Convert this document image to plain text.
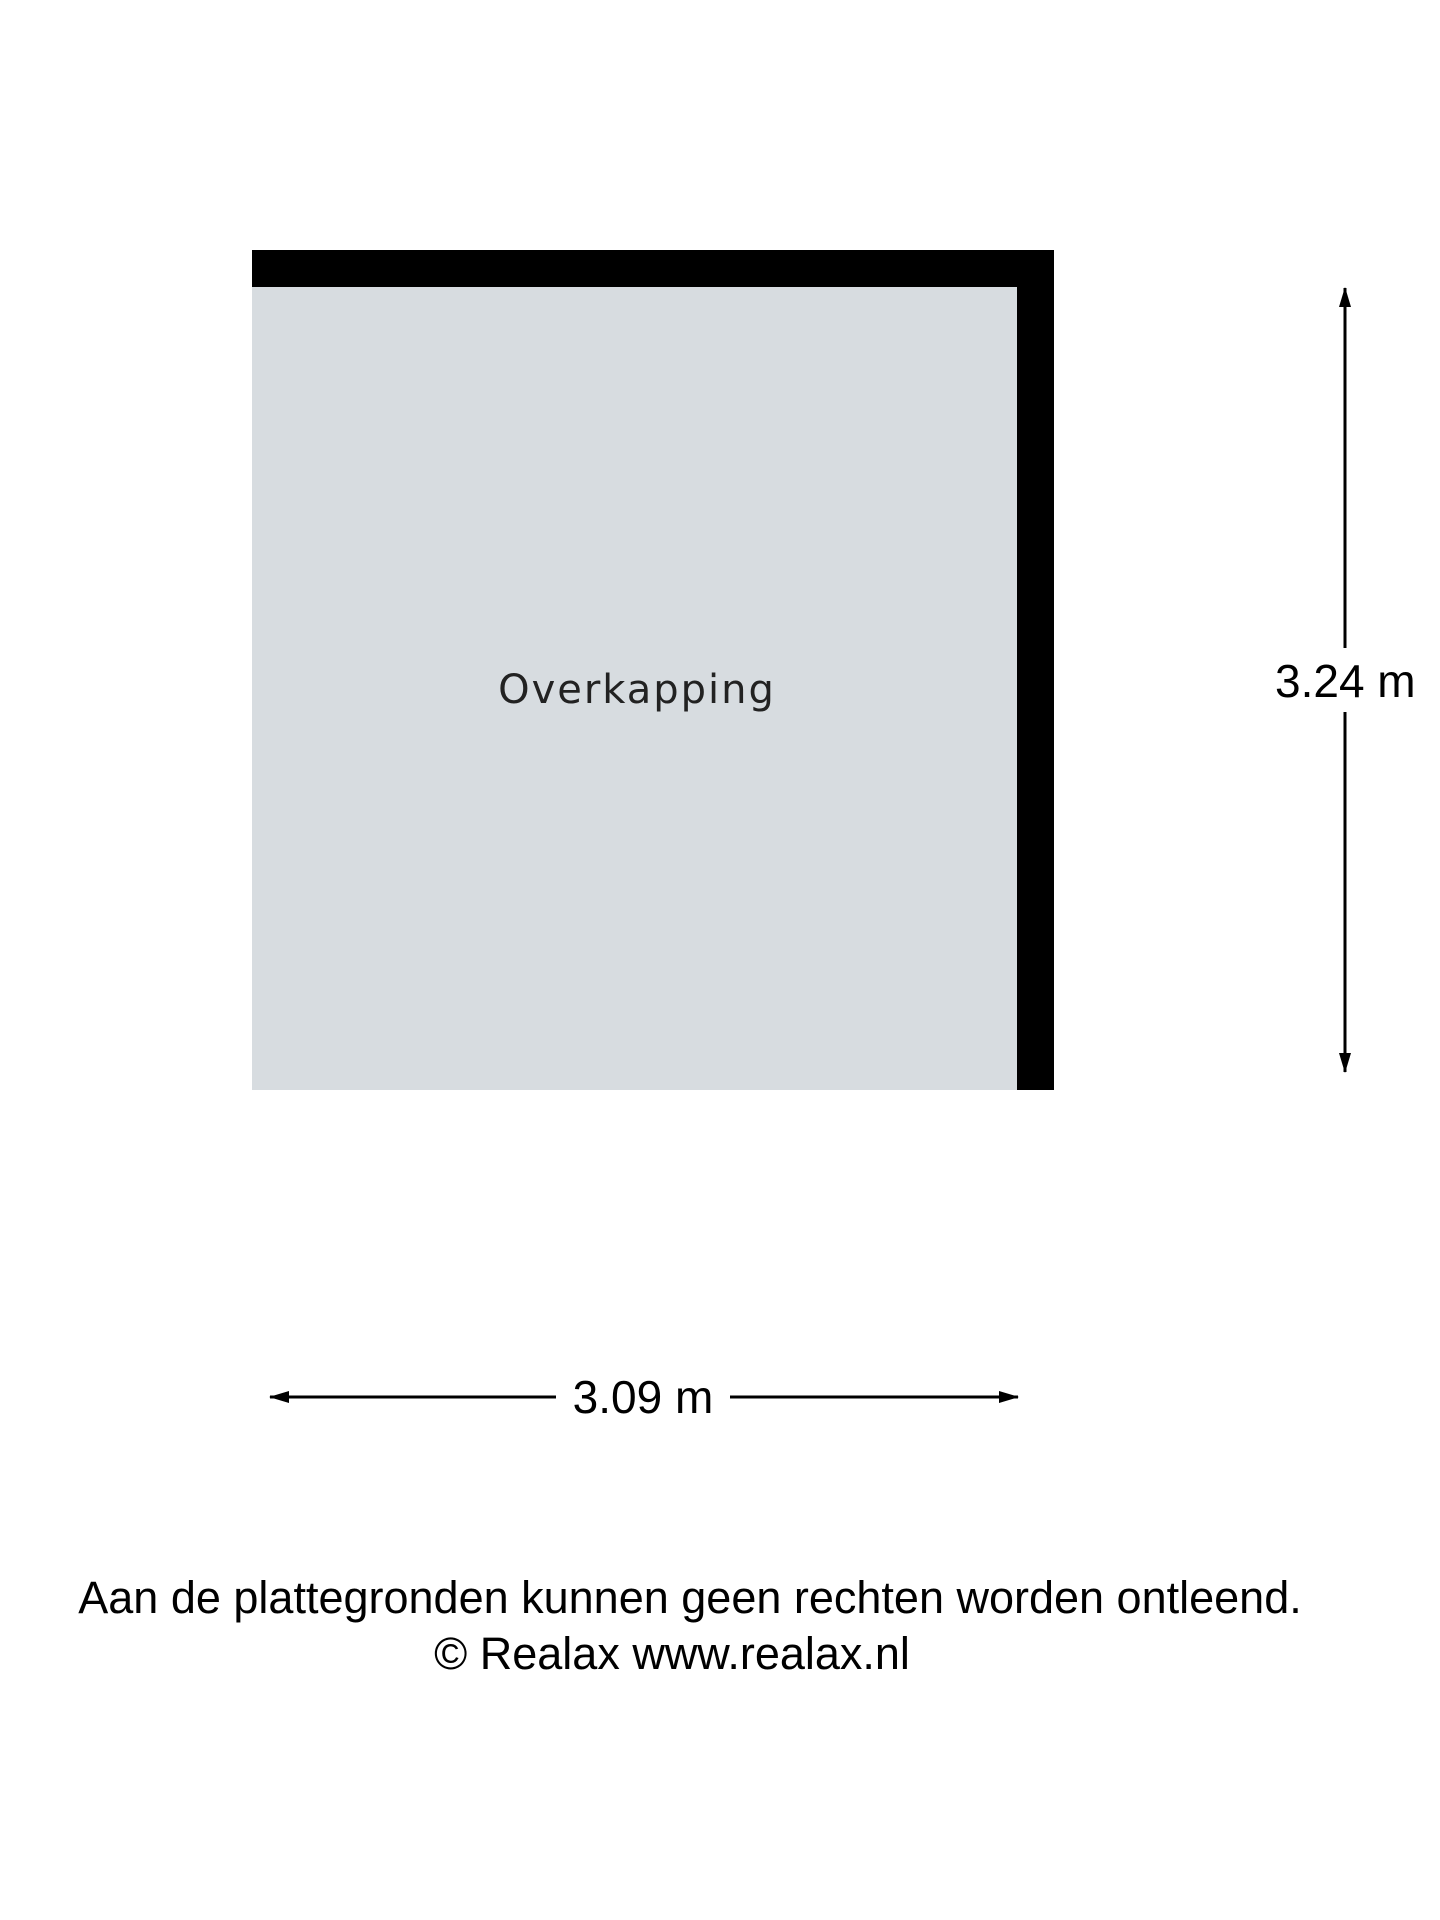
Overkapping	3.24 m
3.09 m

Aan de plattegronden kunnen geen rechten worden ontleend.

© Realax www.realax.nl
